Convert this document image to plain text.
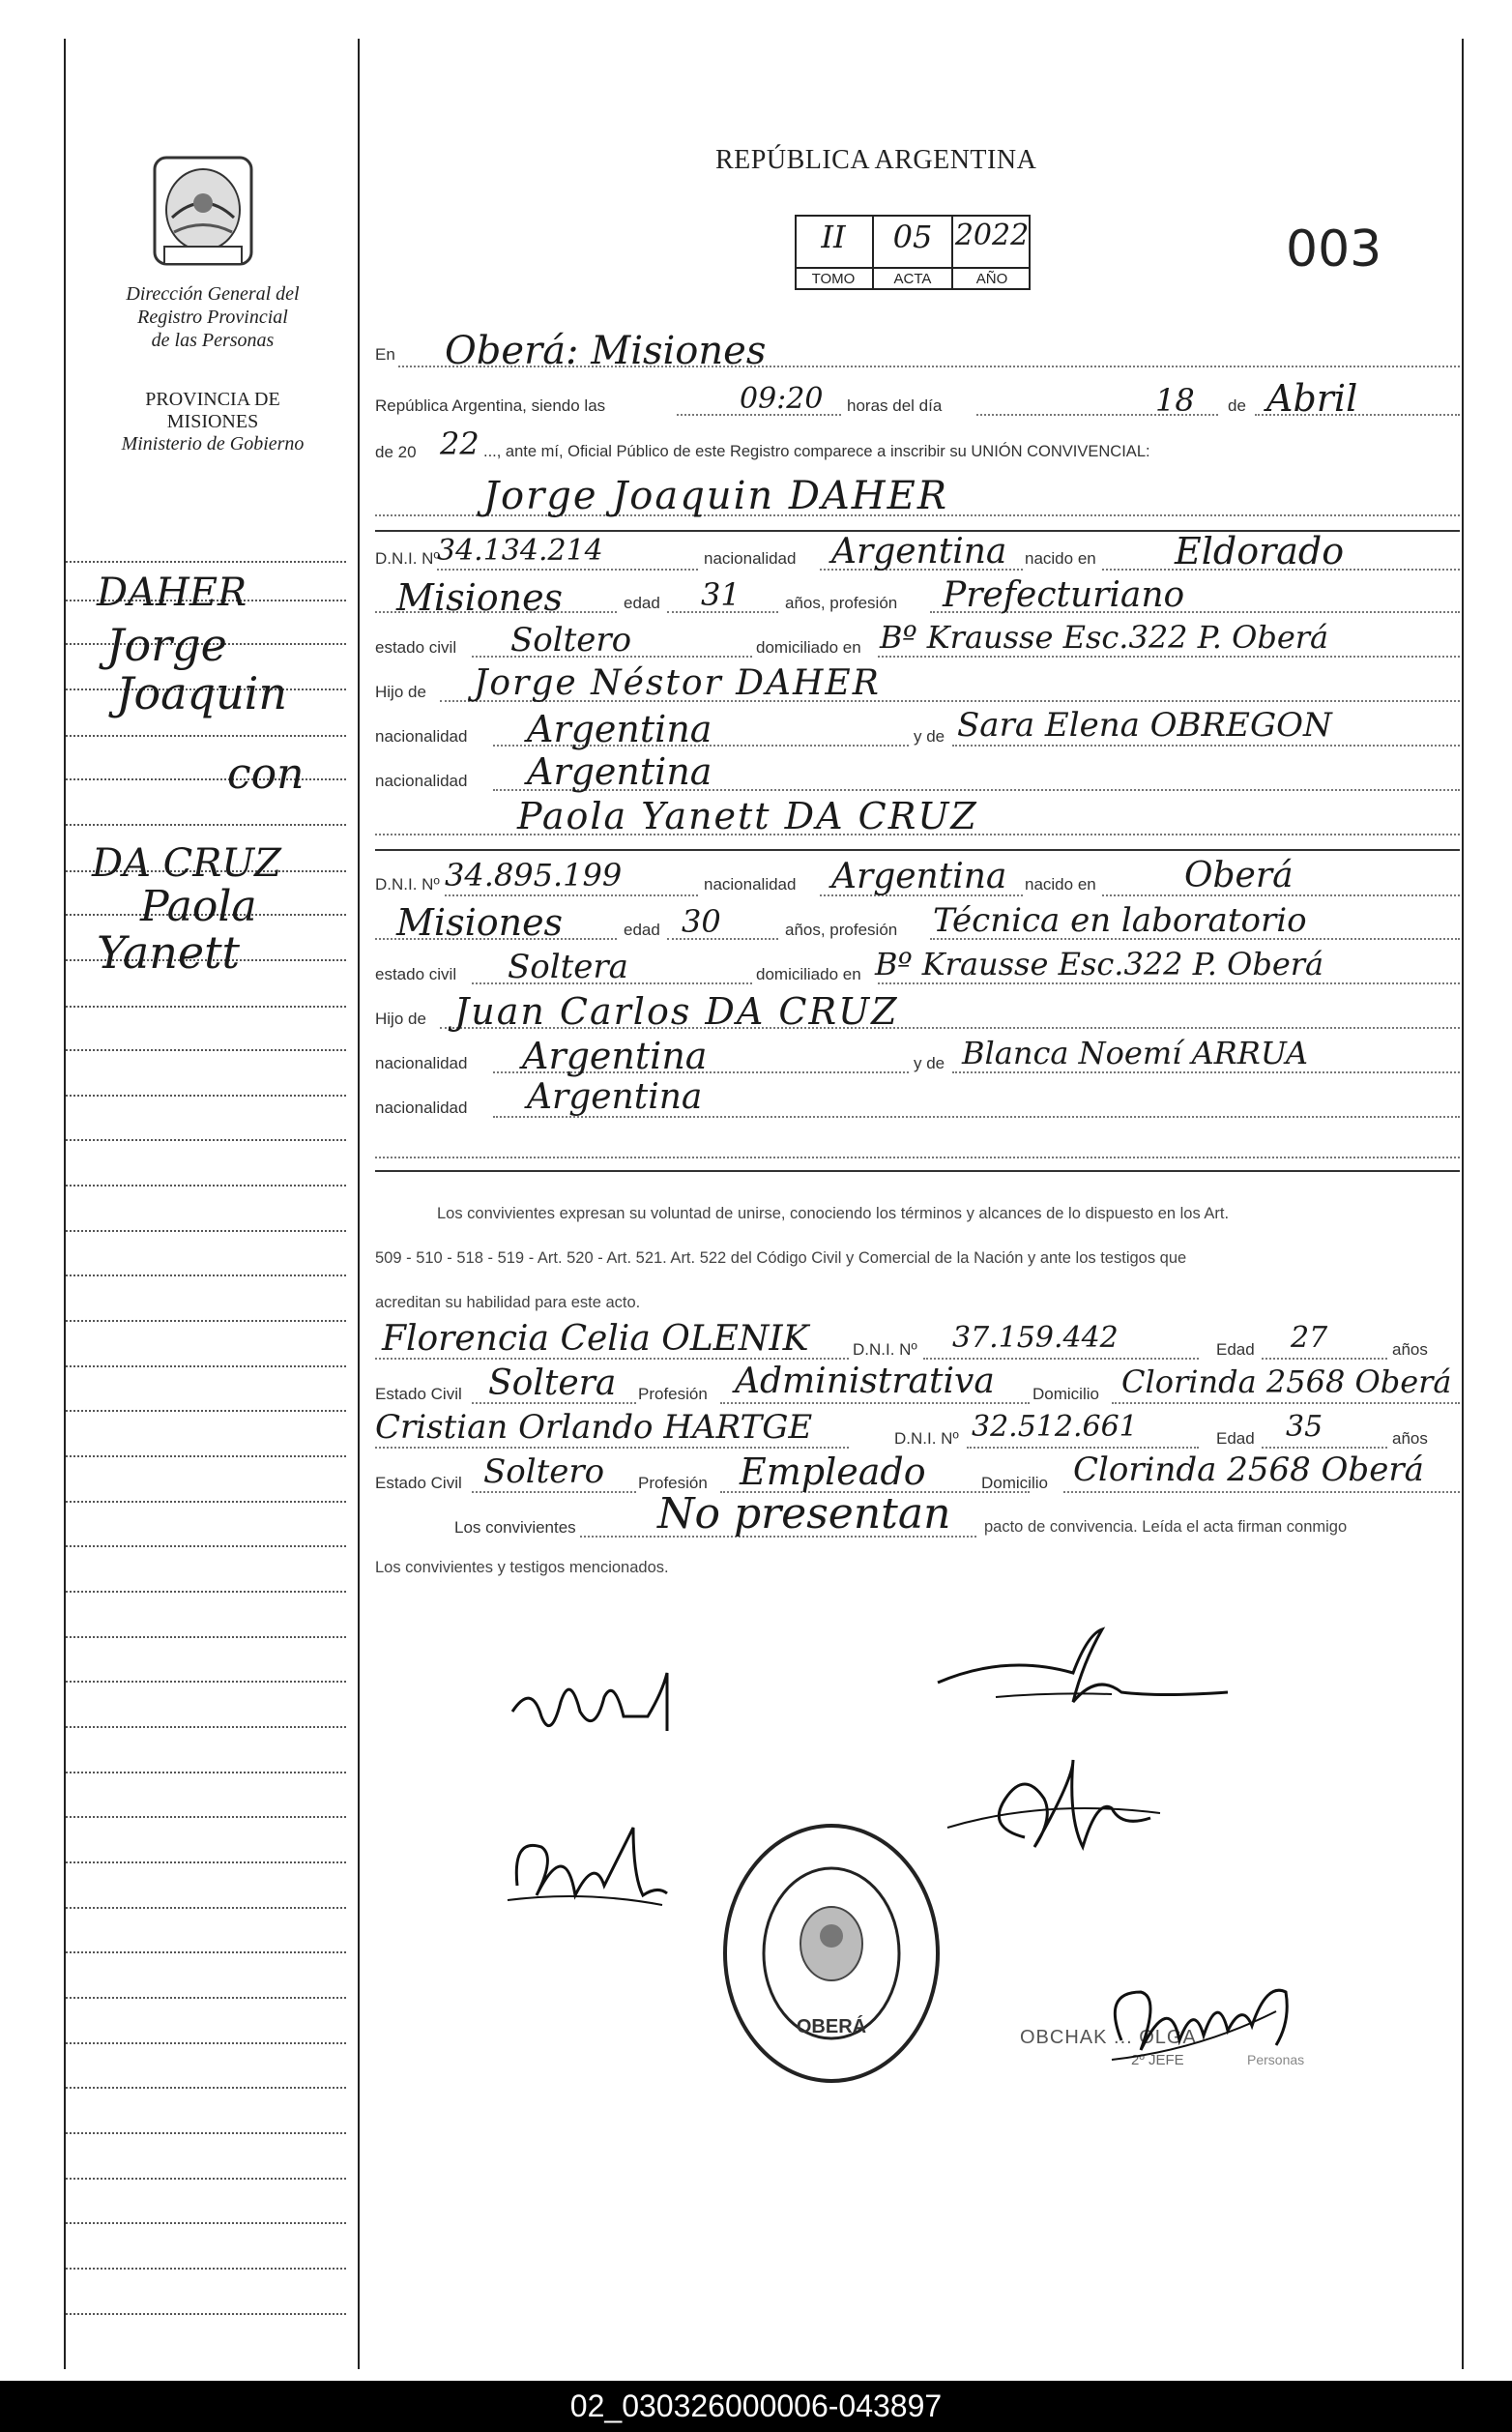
Dirección General del
Registro Provincial
de las Personas
PROVINCIA DE
MISIONES
Ministerio de Gobierno
REPÚBLICA ARGENTINA
II	05 2022
TOMO	ACTA	AÑO
003
DAHER
Jorge
Joaquin
con
DA CRUZ
Paola
Yanett
En Oberá: Misiones
República Argentina, siendo las	09:20 horas del día	18 de Abril
de 20 22 ..., ante mí, Oficial Público de este Registro comparece a inscribir su UNIÓN CONVIVENCIAL:
Jorge Joaquin DAHER
D.N.I. Nº
34.134.214	nacionalidad Argentina nacido en Eldorado
Misiones	edad 31	años, profesión Prefecturiano
estado civil Soltero	domiciliado en Bº Krausse Esc.322 P. Oberá
Hijo de Jorge Néstor DAHER
nacionalidad Argentina	y de Sara Elena OBREGON
nacionalidad Argentina
Paola Yanett DA CRUZ
D.N.I. Nº 34.895.199	nacionalidad Argentina nacido en	Oberá
Misiones	edad 30	años, profesión Técnica en laboratorio
estado civil Soltera	domiciliado en Bº Krausse Esc.322 P. Oberá
Hijo de Juan Carlos DA CRUZ
nacionalidad Argentina	y de Blanca Noemí ARRUA
nacionalidad Argentina
Los convivientes expresan su voluntad de unirse, conociendo los términos y alcances de lo dispuesto en los Art.
509 - 510 - 518 - 519 - Art. 520 - Art. 521. Art. 522 del Código Civil y Comercial de la Nación y ante los testigos que
acreditan su habilidad para este acto.
Florencia Celia OLENIK	D.N.I. Nº 37.159.442	Edad 27	años
Estado Civil Soltera Profesión Administrativa Domicilio Clorinda 2568 Oberá
Cristian Orlando HARTGE	D.N.I. Nº 32.512.661	Edad 35	años
Estado Civil Soltero Profesión Empleado	Domicilio Clorinda 2568 Oberá
Los convivientes No presentan pacto de convivencia. Leída el acta firman conmigo
Los convivientes y testigos mencionados.
OBERÁ	OBCHAK ... OLGA
2º JEFE	Personas
02_030326000006-043897
